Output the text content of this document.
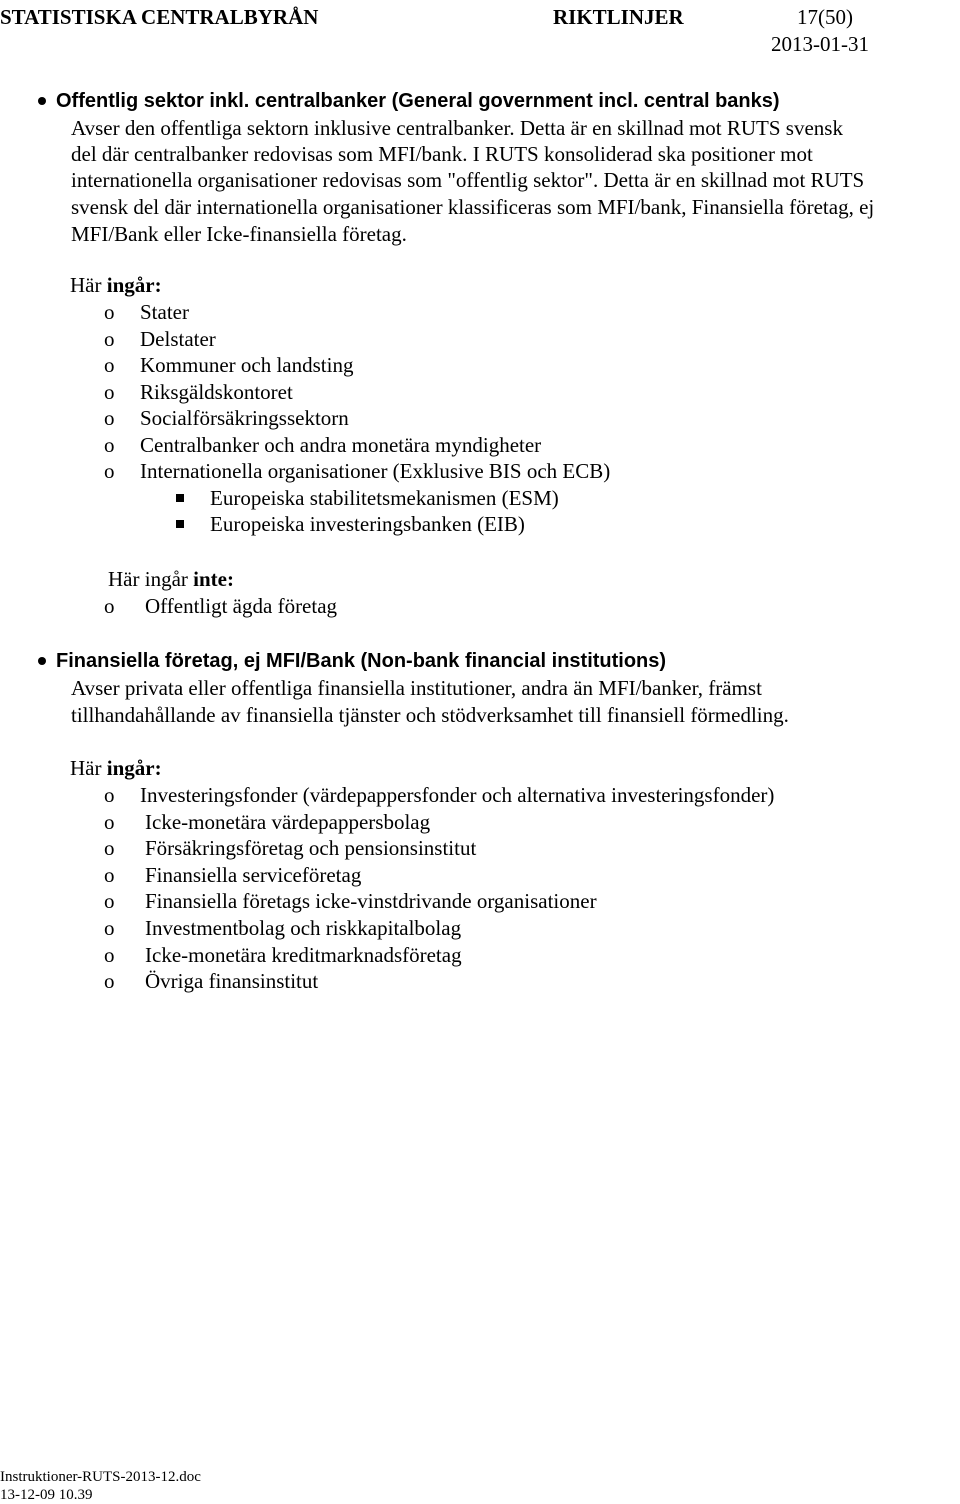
STATISTISKA CENTRALBYRÅN	RIKTLINJER	17(50)
2013-01-31
Offentlig sektor inkl. centralbanker (General government incl. central banks)
Avser den offentliga sektorn inklusive centralbanker. Detta är en skillnad mot RUTS svensk
del där centralbanker redovisas som MFI/bank. I RUTS konsoliderad ska positioner mot
internationella organisationer redovisas som "offentlig sektor". Detta är en skillnad mot RUTS
svensk del där internationella organisationer klassificeras som MFI/bank, Finansiella företag, ej
MFI/Bank eller Icke-finansiella företag.
Här ingår:
o Stater
o Delstater
o Kommuner och landsting
o Riksgäldskontoret
o Socialförsäkringssektorn
o Centralbanker och andra monetära myndigheter
o Internationella organisationer (Exklusive BIS och ECB)
Europeiska stabilitetsmekanismen (ESM)
Europeiska investeringsbanken (EIB)
Här ingår inte:
o Offentligt ägda företag
Finansiella företag, ej MFI/Bank (Non-bank financial institutions)
Avser privata eller offentliga finansiella institutioner, andra än MFI/banker, främst
tillhandahållande av finansiella tjänster och stödverksamhet till finansiell förmedling.
Här ingår:
o Investeringsfonder (värdepappersfonder och alternativa investeringsfonder)
o Icke-monetära värdepappersbolag
o Försäkringsföretag och pensionsinstitut
o Finansiella serviceföretag
o Finansiella företags icke-vinstdrivande organisationer
o Investmentbolag och riskkapitalbolag
o Icke-monetära kreditmarknadsföretag
o Övriga finansinstitut
Instruktioner-RUTS-2013-12.doc
13-12-09 10.39
